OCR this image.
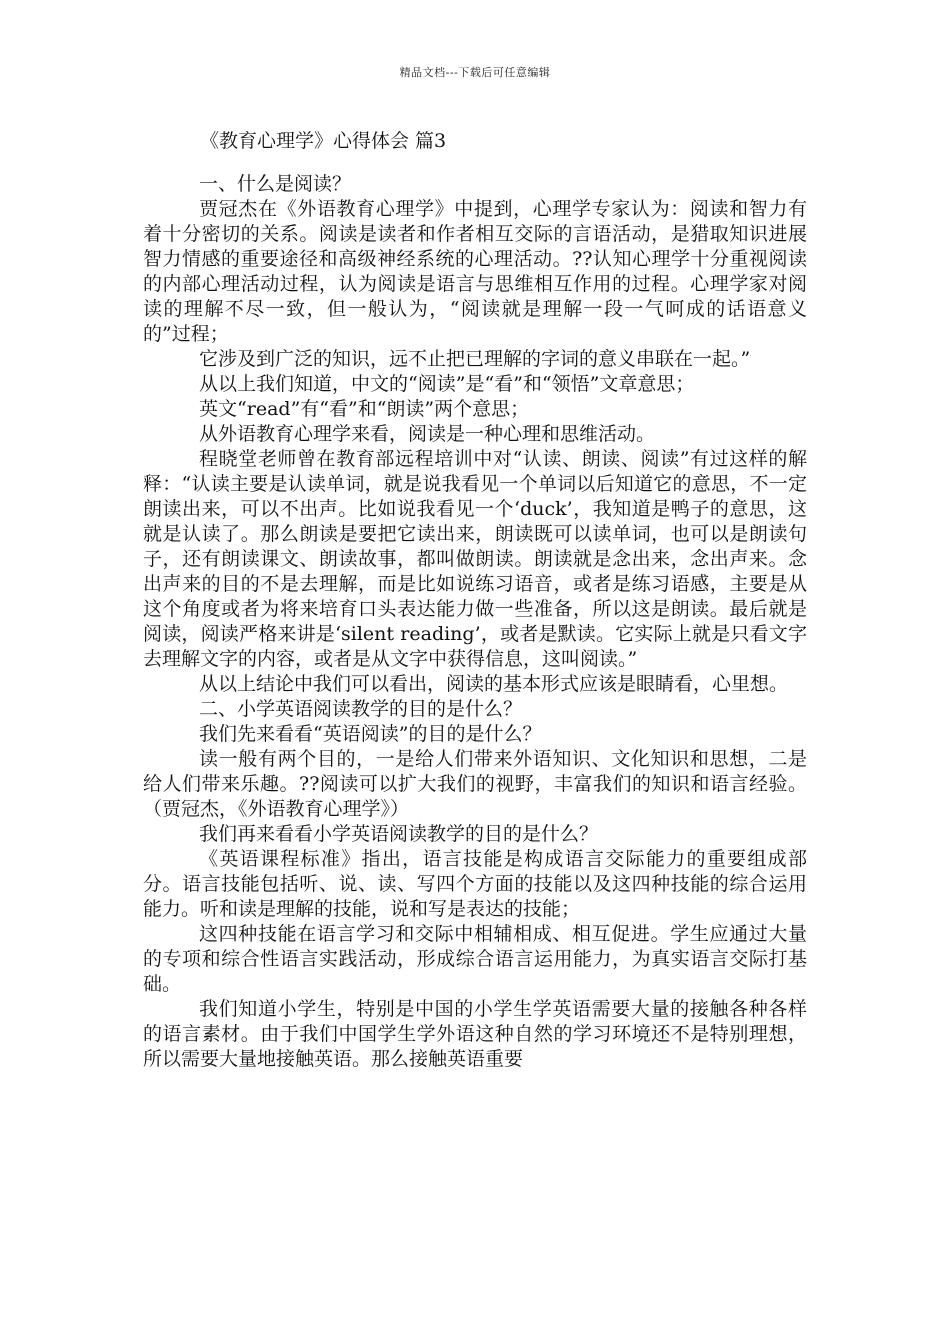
精品文档---下载后可任意编辑
《教育心理学》心得体会 篇3

一、什么是阅读？

贾冠杰在《外语教育心理学》中提到，心理学专家认为：阅读和智力有着十分密切的关系。阅读是读者和作者相互交际的言语活动，是猎取知识进展智力情感的重要途径和高级神经系统的心理活动。??认知心理学十分重视阅读的内部心理活动过程，认为阅读是语言与思维相互作用的过程。心理学家对阅读的理解不尽一致，但一般认为，“阅读就是理解一段一气呵成的话语意义的”过程；

它涉及到广泛的知识，远不止把已理解的字词的意义串联在一起。”

从以上我们知道，中文的“阅读”是“看”和“领悟”文章意思；

英文“read”有“看”和“朗读”两个意思；

从外语教育心理学来看，阅读是一种心理和思维活动。

程晓堂老师曾在教育部远程培训中对“认读、朗读、阅读”有过这样的解释：“认读主要是认读单词，就是说我看见一个单词以后知道它的意思，不一定朗读出来，可以不出声。比如说我看见一个‘duck’，我知道是鸭子的意思，这就是认读了。那么朗读是要把它读出来，朗读既可以读单词，也可以是朗读句子，还有朗读课文、朗读故事，都叫做朗读。朗读就是念出来，念出声来。念出声来的目的不是去理解，而是比如说练习语音，或者是练习语感，主要是从这个角度或者为将来培育口头表达能力做一些准备，所以这是朗读。最后就是阅读，阅读严格来讲是‘silent reading’，或者是默读。它实际上就是只看文字去理解文字的内容，或者是从文字中获得信息，这叫阅读。”

从以上结论中我们可以看出，阅读的基本形式应该是眼睛看，心里想。

二、小学英语阅读教学的目的是什么？

我们先来看看“英语阅读”的目的是什么？

读一般有两个目的，一是给人们带来外语知识、文化知识和思想，二是给人们带来乐趣。??阅读可以扩大我们的视野，丰富我们的知识和语言经验。（贾冠杰，《外语教育心理学》）

我们再来看看小学英语阅读教学的目的是什么？

《英语课程标准》指出，语言技能是构成语言交际能力的重要组成部分。语言技能包括听、说、读、写四个方面的技能以及这四种技能的综合运用能力。听和读是理解的技能，说和写是表达的技能；

这四种技能在语言学习和交际中相辅相成、相互促进。学生应通过大量的专项和综合性语言实践活动，形成综合语言运用能力，为真实语言交际打基础。

我们知道小学生，特别是中国的小学生学英语需要大量的接触各种各样的语言素材。由于我们中国学生学外语这种自然的学习环境还不是特别理想，所以需要大量地接触英语。那么接触英语重要
